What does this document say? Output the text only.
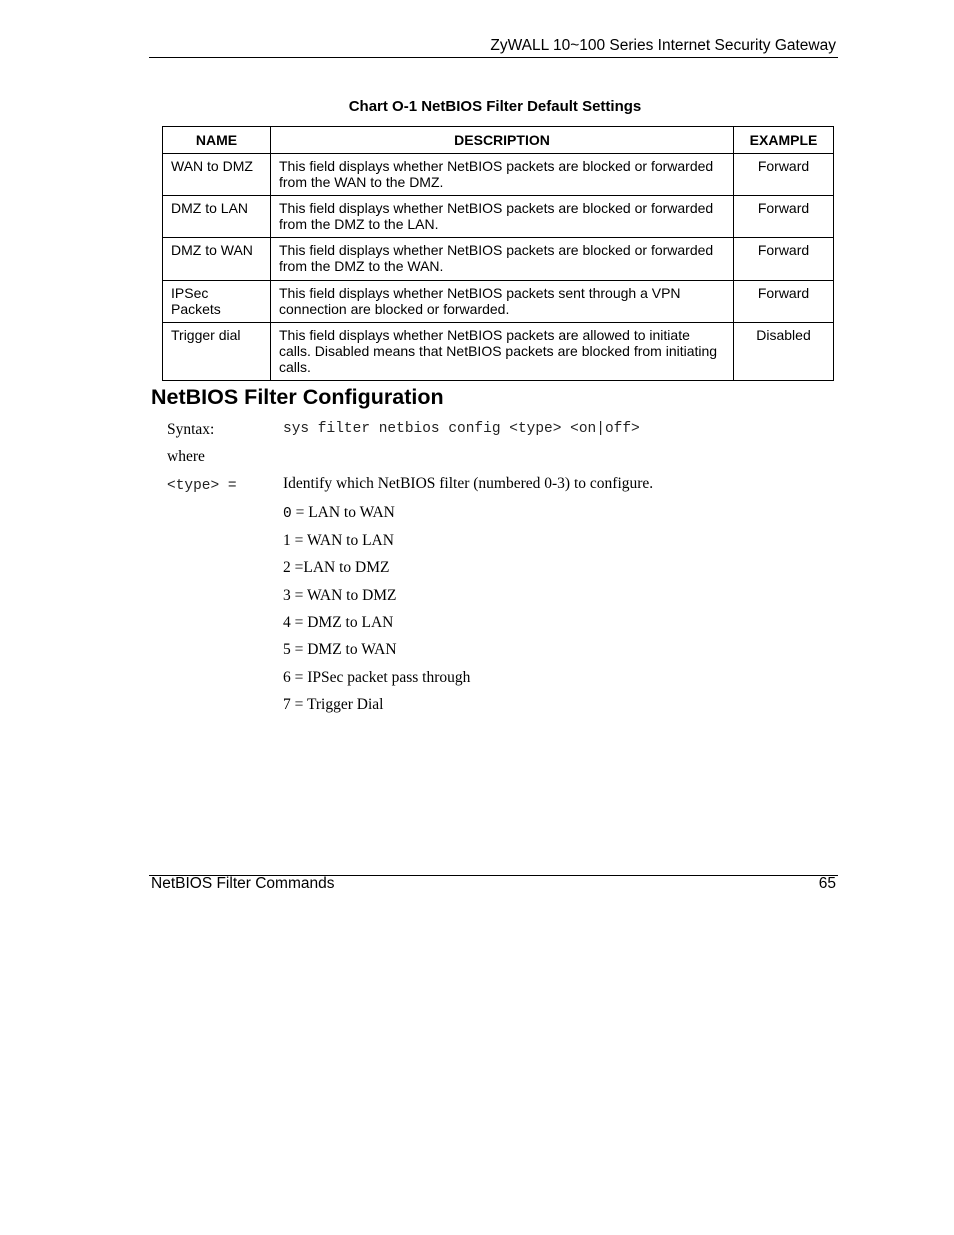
ZyWALL 10~100 Series Internet Security Gateway
Chart O-1 NetBIOS Filter Default Settings
NAME	DESCRIPTION	EXAMPLE
WAN to DMZ	This field displays whether NetBIOS packets are blocked or forwarded from the WAN to the DMZ.	Forward
DMZ to LAN	This field displays whether NetBIOS packets are blocked or forwarded from the DMZ to the LAN.	Forward
DMZ to WAN	This field displays whether NetBIOS packets are blocked or forwarded from the DMZ to the WAN.	Forward
IPSec Packets	This field displays whether NetBIOS packets sent through a VPN connection are blocked or forwarded.	Forward
Trigger dial	This field displays whether NetBIOS packets are allowed to initiate calls. Disabled means that NetBIOS packets are blocked from initiating calls.	Disabled
NetBIOS Filter Configuration
Syntax:	sys filter netbios config <type> <on|off>
where
<type> =	Identify which NetBIOS filter (numbered 0-3) to configure.
0 = LAN to WAN
1 = WAN to LAN
2 =LAN to DMZ
3 = WAN to DMZ
4 = DMZ to LAN
5 = DMZ to WAN
6 = IPSec packet pass through
7 = Trigger Dial
NetBIOS Filter Commands	65
